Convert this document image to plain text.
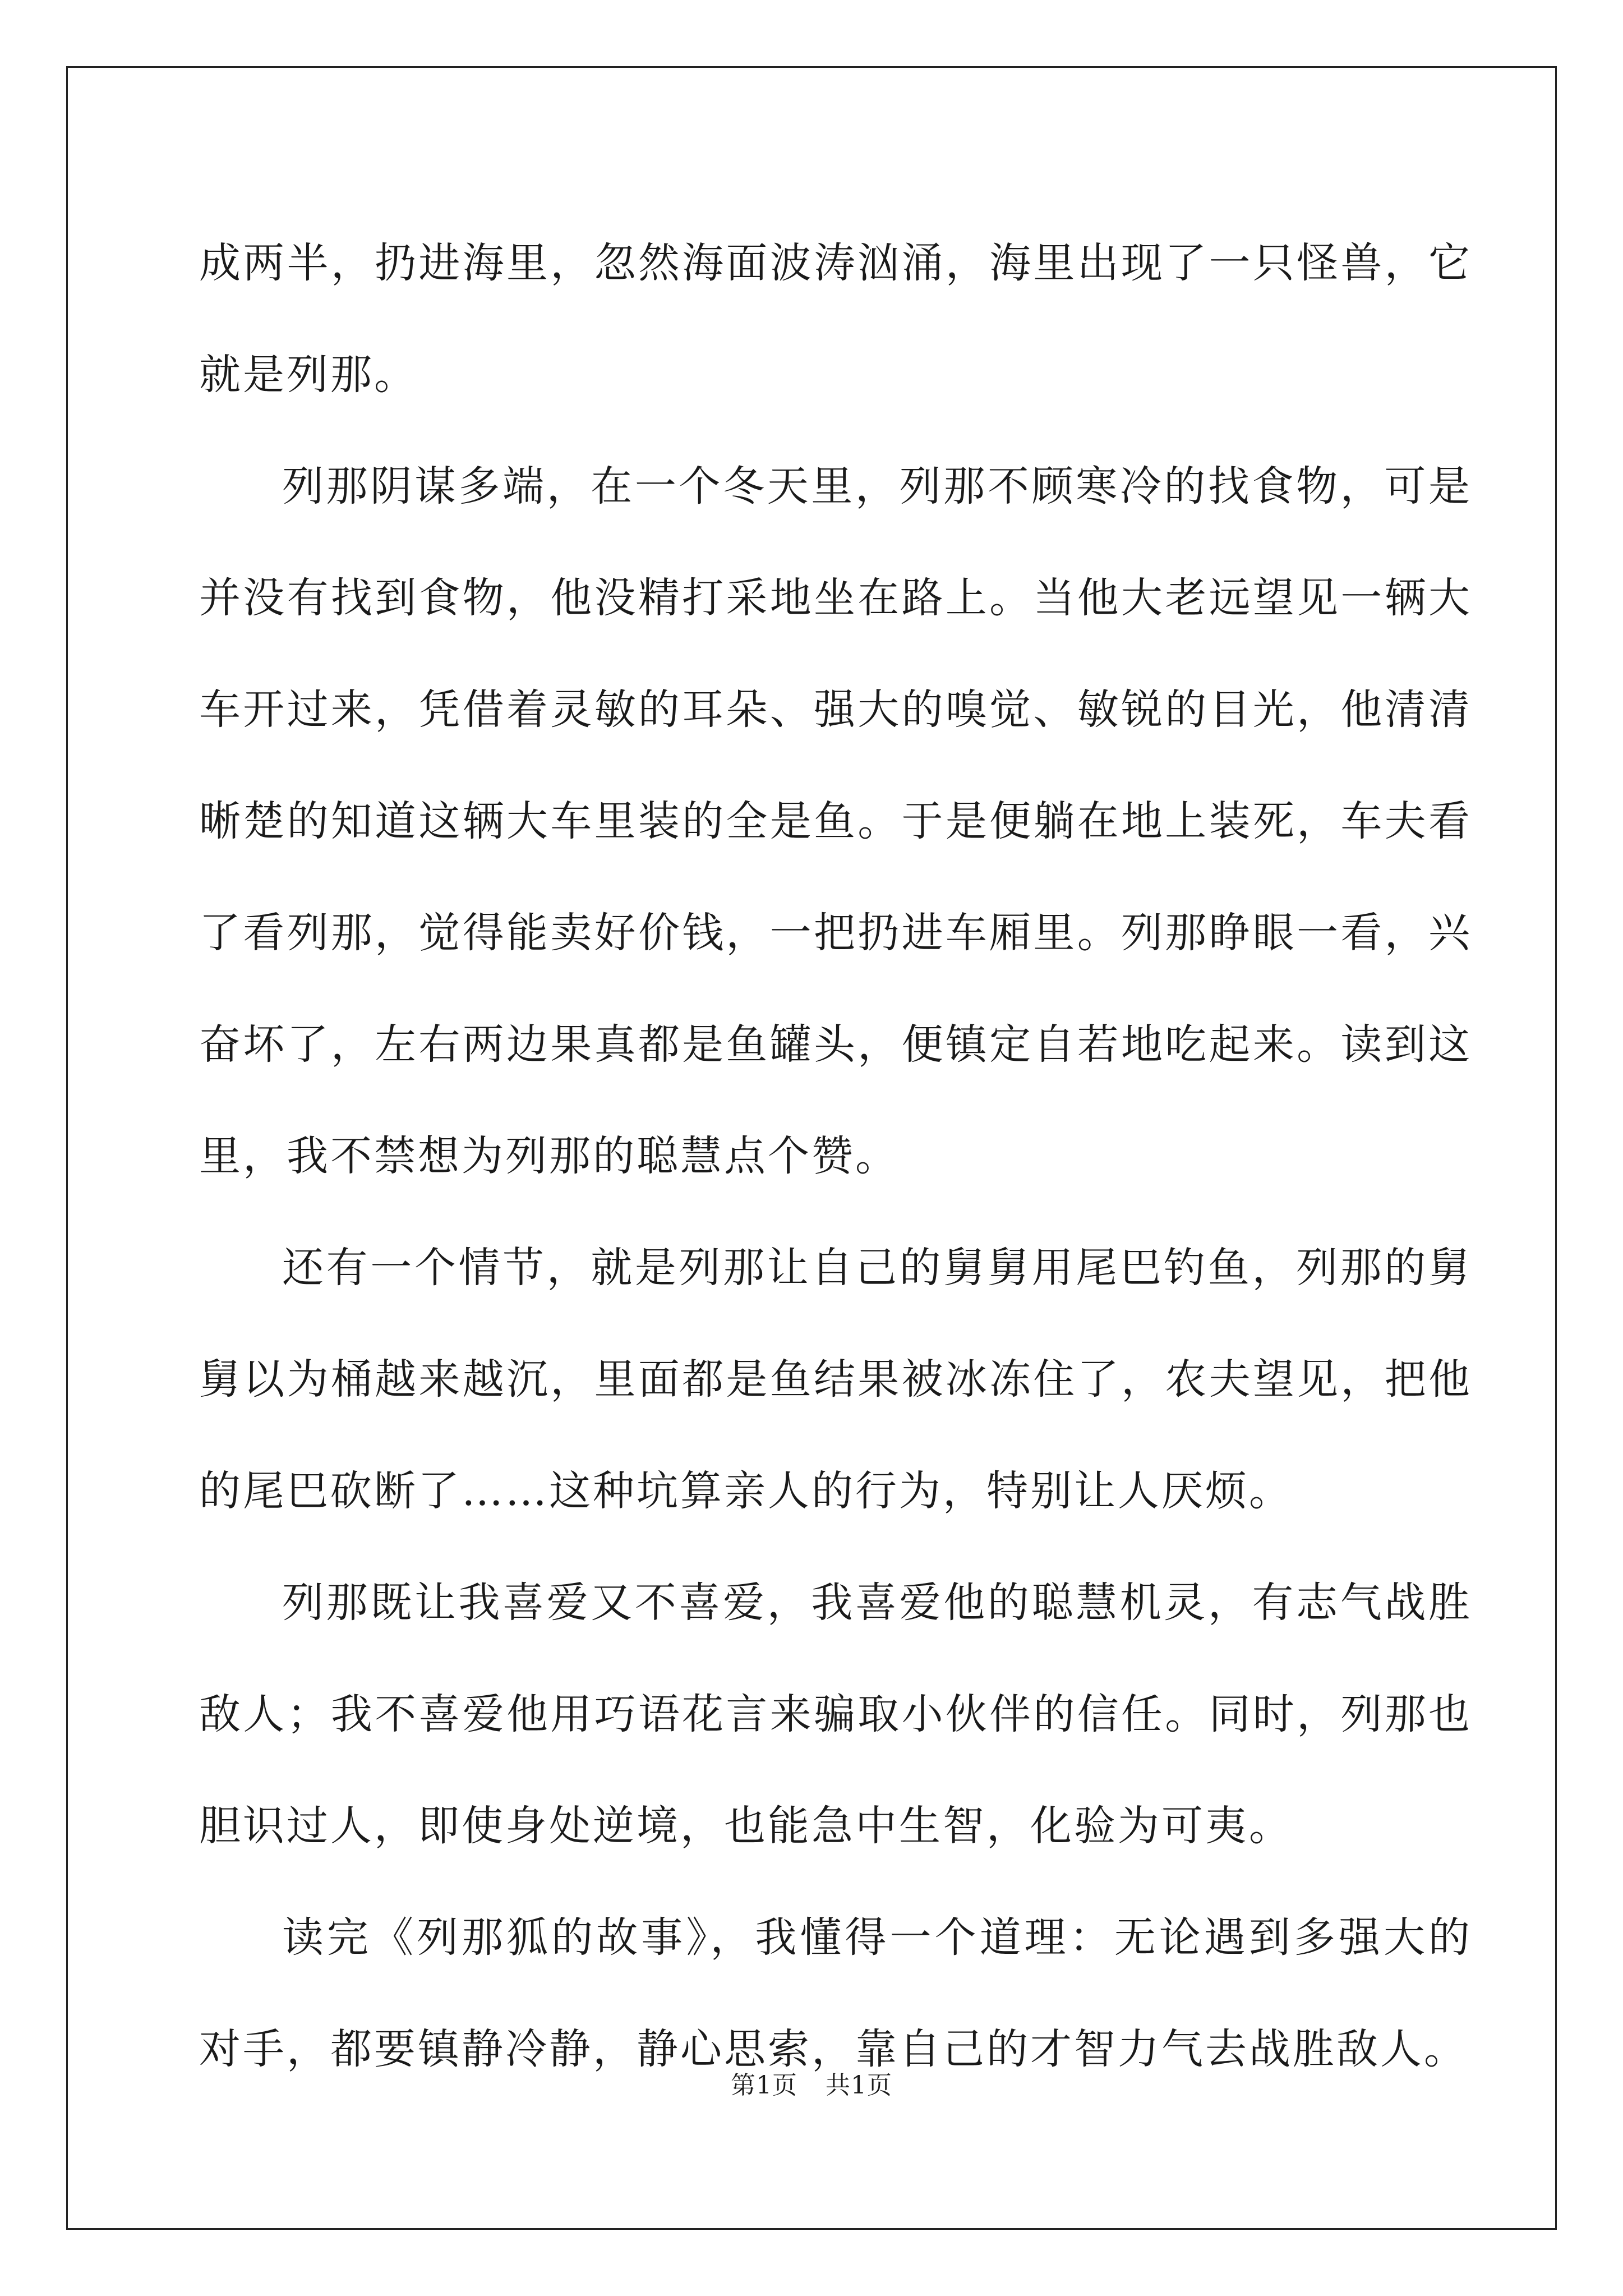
成两半，扔进海里，忽然海面波涛汹涌，海里出现了一只怪兽，它就是列那。

列那阴谋多端，在一个冬天里，列那不顾寒冷的找食物，可是并没有找到食物，他没精打采地坐在路上。当他大老远望见一辆大车开过来，凭借着灵敏的耳朵、强大的嗅觉、敏锐的目光，他清清晰楚的知道这辆大车里装的全是鱼。于是便躺在地上装死，车夫看了看列那，觉得能卖好价钱，一把扔进车厢里。列那睁眼一看，兴奋坏了，左右两边果真都是鱼罐头，便镇定自若地吃起来。读到这里，我不禁想为列那的聪慧点个赞。

还有一个情节，就是列那让自己的舅舅用尾巴钓鱼，列那的舅舅以为桶越来越沉，里面都是鱼结果被冰冻住了，农夫望见，把他的尾巴砍断了……这种坑算亲人的行为，特别让人厌烦。

列那既让我喜爱又不喜爱，我喜爱他的聪慧机灵，有志气战胜敌人；我不喜爱他用巧语花言来骗取小伙伴的信任。同时，列那也胆识过人，即使身处逆境，也能急中生智，化验为可夷。

读完《列那狐的故事》，我懂得一个道理：无论遇到多强大的对手，都要镇静冷静，静心思索，靠自己的才智力气去战胜敌人。

第1页 共1页
